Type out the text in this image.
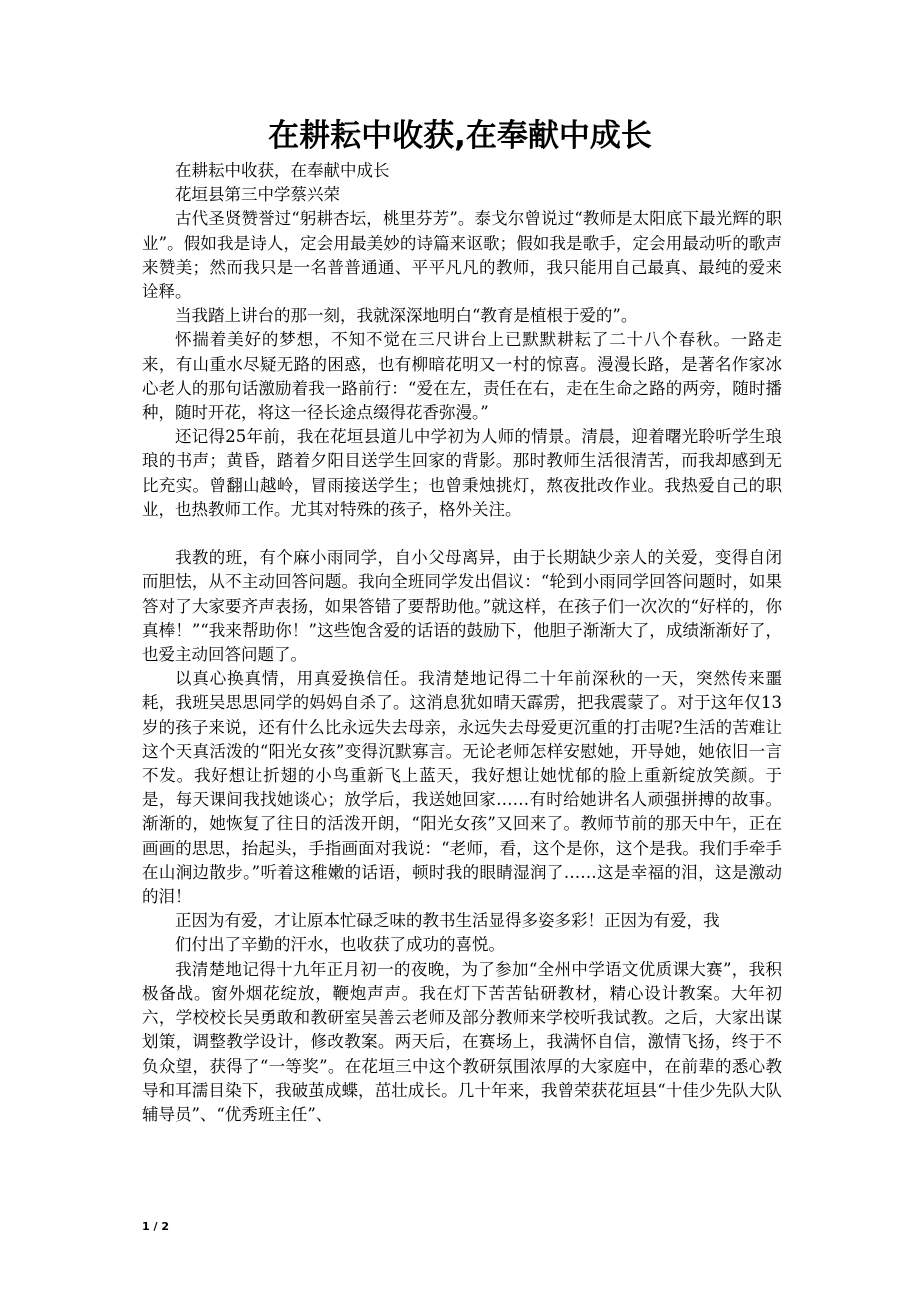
在耕耘中收获,在奉献中成长

在耕耘中收获，在奉献中成长

花垣县第三中学蔡兴荣

古代圣贤赞誉过“躬耕杏坛，桃里芬芳”。泰戈尔曾说过“教师是太阳底下最光辉的职业”。假如我是诗人，定会用最美妙的诗篇来讴歌；假如我是歌手，定会用最动听的歌声来赞美；然而我只是一名普普通通、平平凡凡的教师，我只能用自己最真、最纯的爱来诠释。

当我踏上讲台的那一刻，我就深深地明白“教育是植根于爱的”。

怀揣着美好的梦想，不知不觉在三尺讲台上已默默耕耘了二十八个春秋。一路走来，有山重水尽疑无路的困惑，也有柳暗花明又一村的惊喜。漫漫长路，是著名作家冰心老人的那句话激励着我一路前行：“爱在左，责任在右，走在生命之路的两旁，随时播种，随时开花，将这一径长途点缀得花香弥漫。”

还记得25年前，我在花垣县道儿中学初为人师的情景。清晨，迎着曙光聆听学生琅琅的书声；黄昏，踏着夕阳目送学生回家的背影。那时教师生活很清苦，而我却感到无比充实。曾翻山越岭，冒雨接送学生；也曾秉烛挑灯，熬夜批改作业。我热爱自己的职业，也热教师工作。尤其对特殊的孩子，格外关注。

我教的班，有个麻小雨同学，自小父母离异，由于长期缺少亲人的关爱，变得自闭而胆怯，从不主动回答问题。我向全班同学发出倡议：“轮到小雨同学回答问题时，如果答对了大家要齐声表扬，如果答错了要帮助他。”就这样，在孩子们一次次的“好样的，你真棒！”“我来帮助你！”这些饱含爱的话语的鼓励下，他胆子渐渐大了，成绩渐渐好了，也爱主动回答问题了。

以真心换真情，用真爱换信任。我清楚地记得二十年前深秋的一天，突然传来噩耗，我班吴思思同学的妈妈自杀了。这消息犹如晴天霹雳，把我震蒙了。对于这年仅13岁的孩子来说，还有什么比永远失去母亲，永远失去母爱更沉重的打击呢?生活的苦难让这个天真活泼的“阳光女孩”变得沉默寡言。无论老师怎样安慰她，开导她，她依旧一言不发。我好想让折翅的小鸟重新飞上蓝天，我好想让她忧郁的脸上重新绽放笑颜。于是，每天课间我找她谈心；放学后，我送她回家……有时给她讲名人顽强拼搏的故事。渐渐的，她恢复了往日的活泼开朗，“阳光女孩”又回来了。教师节前的那天中午，正在画画的思思，抬起头，手指画面对我说：“老师，看，这个是你，这个是我。我们手牵手在山涧边散步。”听着这稚嫩的话语，顿时我的眼睛湿润了……这是幸福的泪，这是激动的泪！

正因为有爱，才让原本忙碌乏味的教书生活显得多姿多彩！正因为有爱，我

们付出了辛勤的汗水，也收获了成功的喜悦。

我清楚地记得十九年正月初一的夜晚，为了参加“全州中学语文优质课大赛”，我积极备战。窗外烟花绽放，鞭炮声声。我在灯下苦苦钻研教材，精心设计教案。大年初六，学校校长吴勇敢和教研室吴善云老师及部分教师来学校听我试教。之后，大家出谋划策，调整教学设计，修改教案。两天后，在赛场上，我满怀自信，激情飞扬，终于不负众望，获得了“一等奖”。在花垣三中这个教研氛围浓厚的大家庭中，在前辈的悉心教导和耳濡目染下，我破茧成蝶，茁壮成长。几十年来，我曾荣获花垣县“十佳少先队大队辅导员”、“优秀班主任”、

1 / 2
